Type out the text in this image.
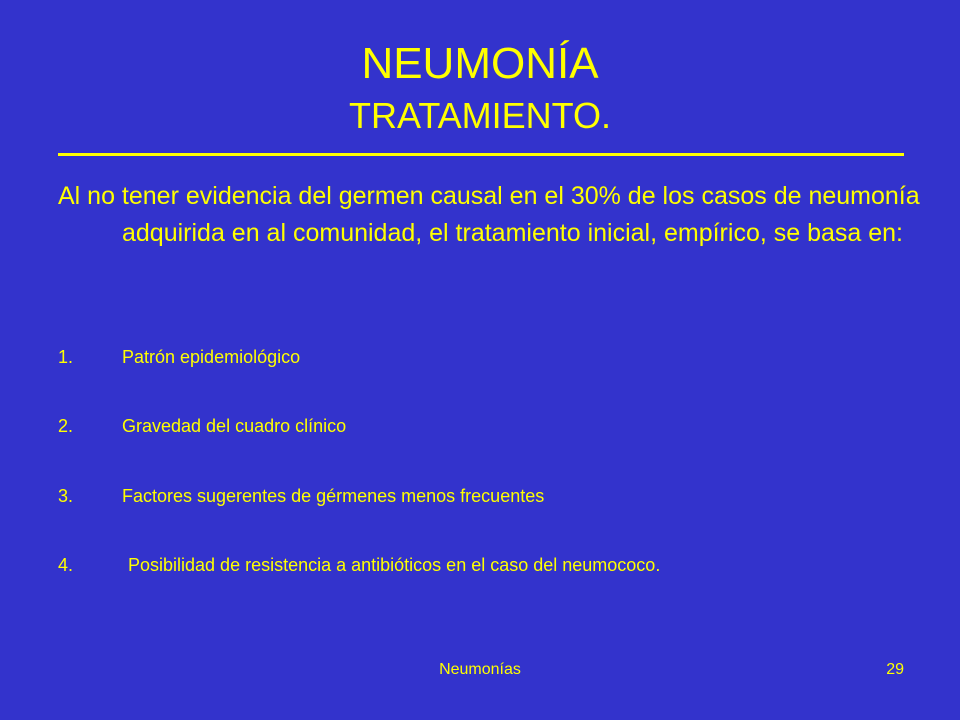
NEUMONÍA
TRATAMIENTO.
Al no tener evidencia del germen causal en el 30% de los casos de neumonía adquirida en al comunidad, el tratamiento inicial, empírico, se basa en:
1.	Patrón epidemiológico
2.	Gravedad del cuadro clínico
3.	Factores sugerentes de gérmenes menos frecuentes
4.	Posibilidad de resistencia a antibióticos en el caso del neumococo.
Neumonías	29
